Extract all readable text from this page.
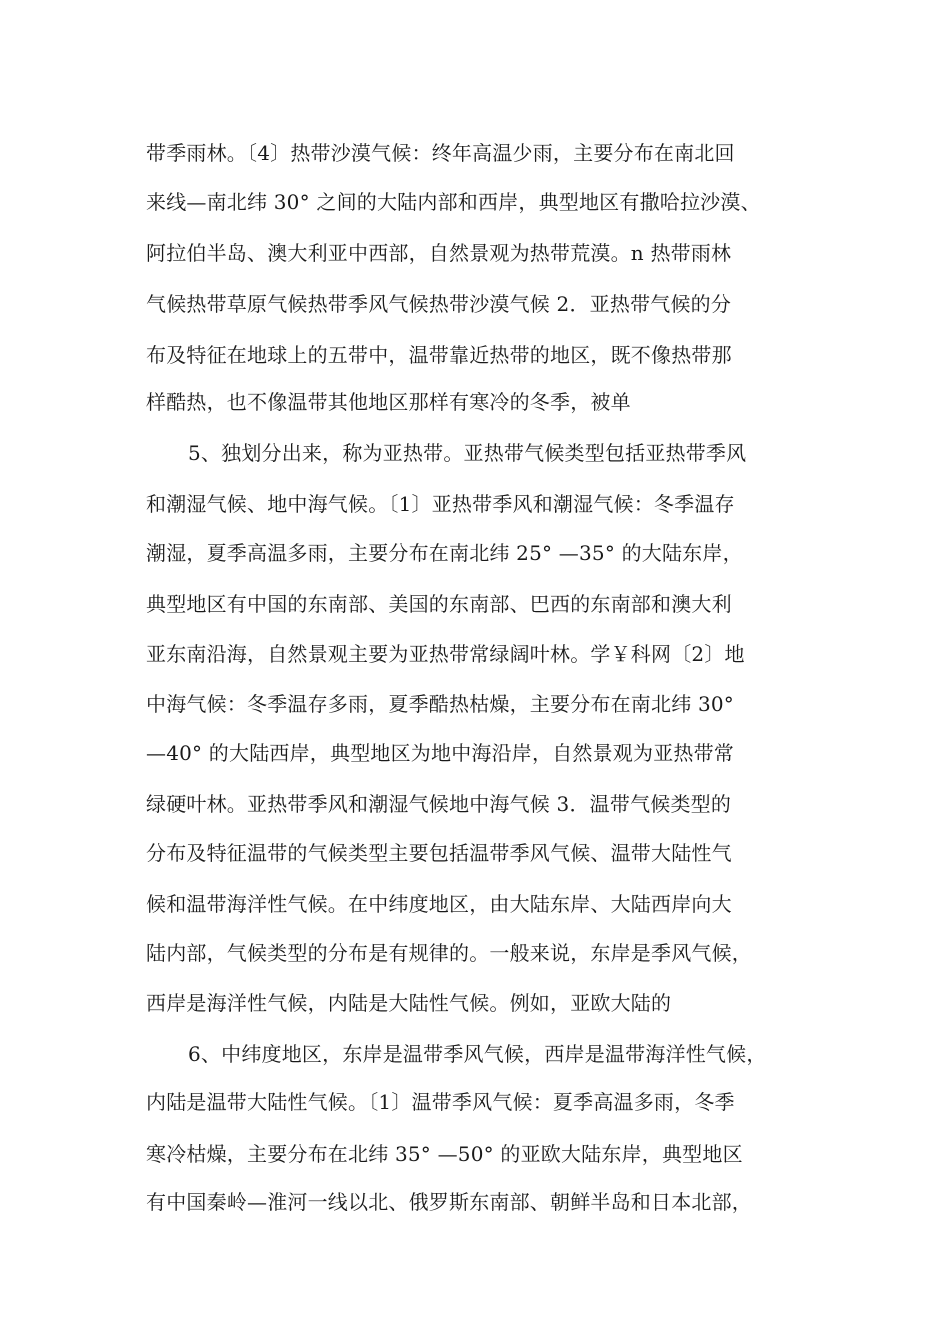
带季雨林。〔4〕热带沙漠气候：终年高温少雨，主要分布在南北回
来线—南北纬 30° 之间的大陆内部和西岸，典型地区有撒哈拉沙漠、
阿拉伯半岛、澳大利亚中西部，自然景观为热带荒漠。n 热带雨林
气候热带草原气候热带季风气候热带沙漠气候 2．亚热带气候的分
布及特征在地球上的五带中，温带靠近热带的地区，既不像热带那
样酷热，也不像温带其他地区那样有寒冷的冬季，被单
5、独划分出来，称为亚热带。亚热带气候类型包括亚热带季风
和潮湿气候、地中海气候。〔1〕亚热带季风和潮湿气候：冬季温存
潮湿，夏季高温多雨，主要分布在南北纬 25° —35° 的大陆东岸，
典型地区有中国的东南部、美国的东南部、巴西的东南部和澳大利
亚东南沿海，自然景观主要为亚热带常绿阔叶林。学￥科网〔2〕地
中海气候：冬季温存多雨，夏季酷热枯燥，主要分布在南北纬 30°
—40° 的大陆西岸，典型地区为地中海沿岸，自然景观为亚热带常
绿硬叶林。亚热带季风和潮湿气候地中海气候 3．温带气候类型的
分布及特征温带的气候类型主要包括温带季风气候、温带大陆性气
候和温带海洋性气候。在中纬度地区，由大陆东岸、大陆西岸向大
陆内部，气候类型的分布是有规律的。一般来说，东岸是季风气候，
西岸是海洋性气候，内陆是大陆性气候。例如，亚欧大陆的
6、中纬度地区，东岸是温带季风气候，西岸是温带海洋性气候，
内陆是温带大陆性气候。〔1〕温带季风气候：夏季高温多雨，冬季
寒冷枯燥，主要分布在北纬 35° —50° 的亚欧大陆东岸，典型地区
有中国秦岭—淮河一线以北、俄罗斯东南部、朝鲜半岛和日本北部，
